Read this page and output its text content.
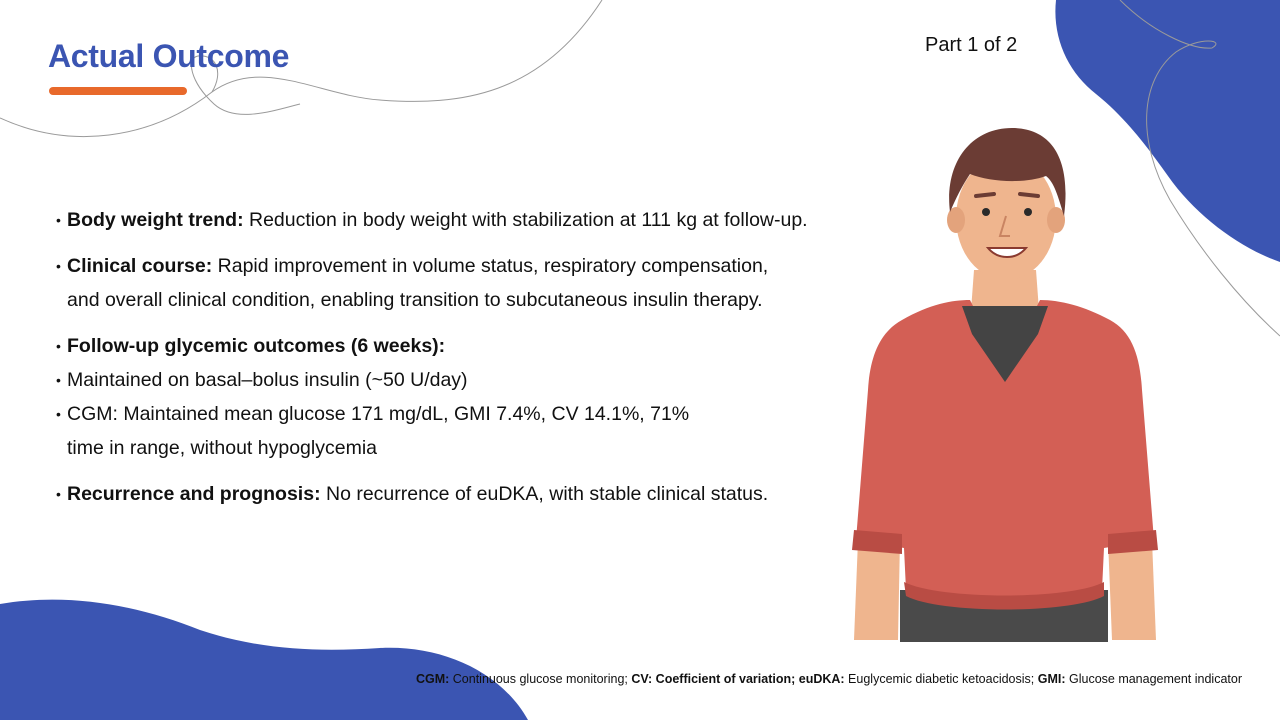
Actual Outcome	Part 1 of 2
• Body weight trend: Reduction in body weight with stabilization at 111 kg at follow-up.
• Clinical course: Rapid improvement in volume status, respiratory compensation,
and overall clinical condition, enabling transition to subcutaneous insulin therapy.
• Follow-up glycemic outcomes (6 weeks):
• Maintained on basal–bolus insulin (~50 U/day)
• CGM: Maintained mean glucose 171 mg/dL, GMI 7.4%, CV 14.1%, 71%
time in range, without hypoglycemia
• Recurrence and prognosis: No recurrence of euDKA, with stable clinical status.
CGM: Continuous glucose monitoring; CV: Coefficient of variation; euDKA: Euglycemic diabetic ketoacidosis; GMI: Glucose management indicator
